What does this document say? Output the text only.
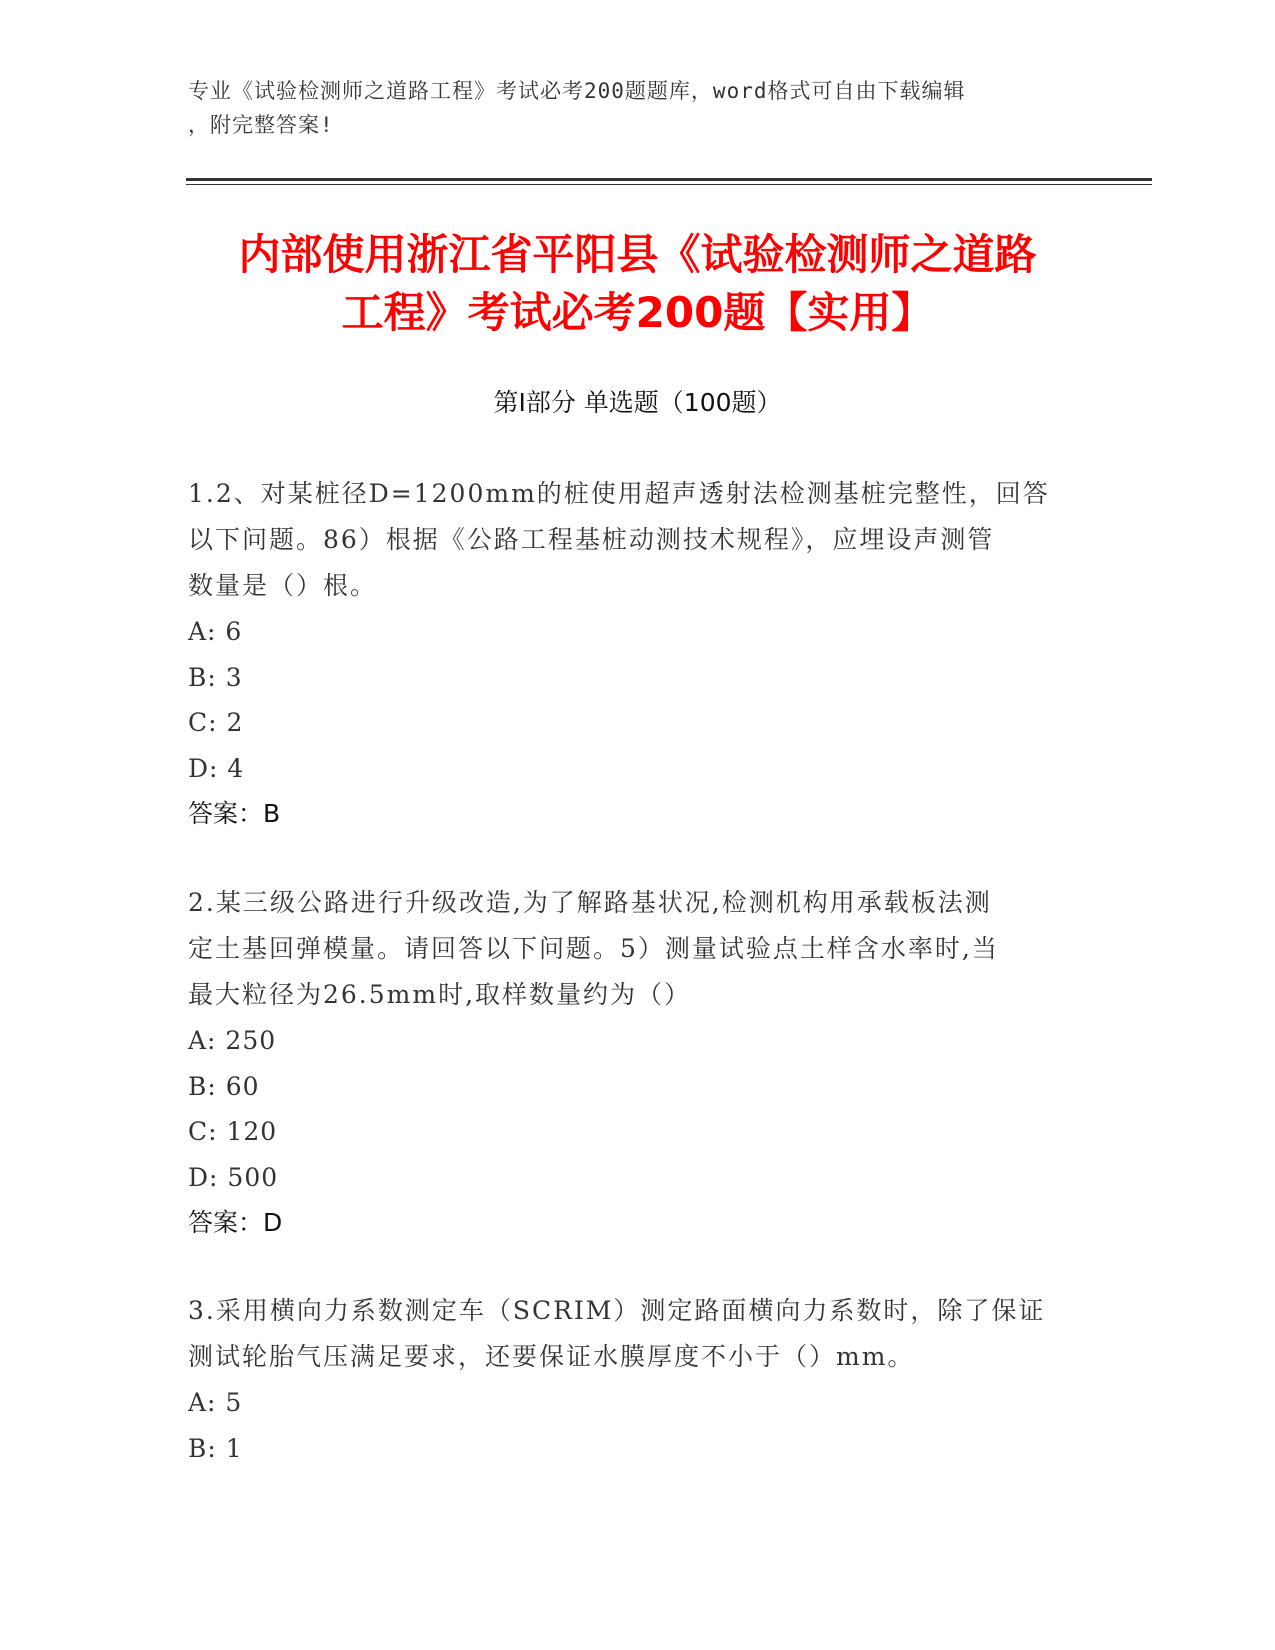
专业《试验检测师之道路工程》考试必考200题题库，word格式可自由下载编辑
，附完整答案!
内部使用浙江省平阳县《试验检测师之道路
工程》考试必考200题【实用】
第I部分 单选题（100题）
1.2、对某桩径D=1200mm的桩使用超声透射法检测基桩完整性，回答
以下问题。86）根据《公路工程基桩动测技术规程》，应埋设声测管
数量是（）根。
A: 6
B: 3
C: 2
D: 4
答案：B
2.某三级公路进行升级改造,为了解路基状况,检测机构用承载板法测
定土基回弹模量。请回答以下问题。5）测量试验点土样含水率时,当
最大粒径为26.5mm时,取样数量约为（）
A: 250
B: 60
C: 120
D: 500
答案：D
3.采用横向力系数测定车（SCRIM）测定路面横向力系数时，除了保证
测试轮胎气压满足要求，还要保证水膜厚度不小于（）mm。
A: 5
B: 1
